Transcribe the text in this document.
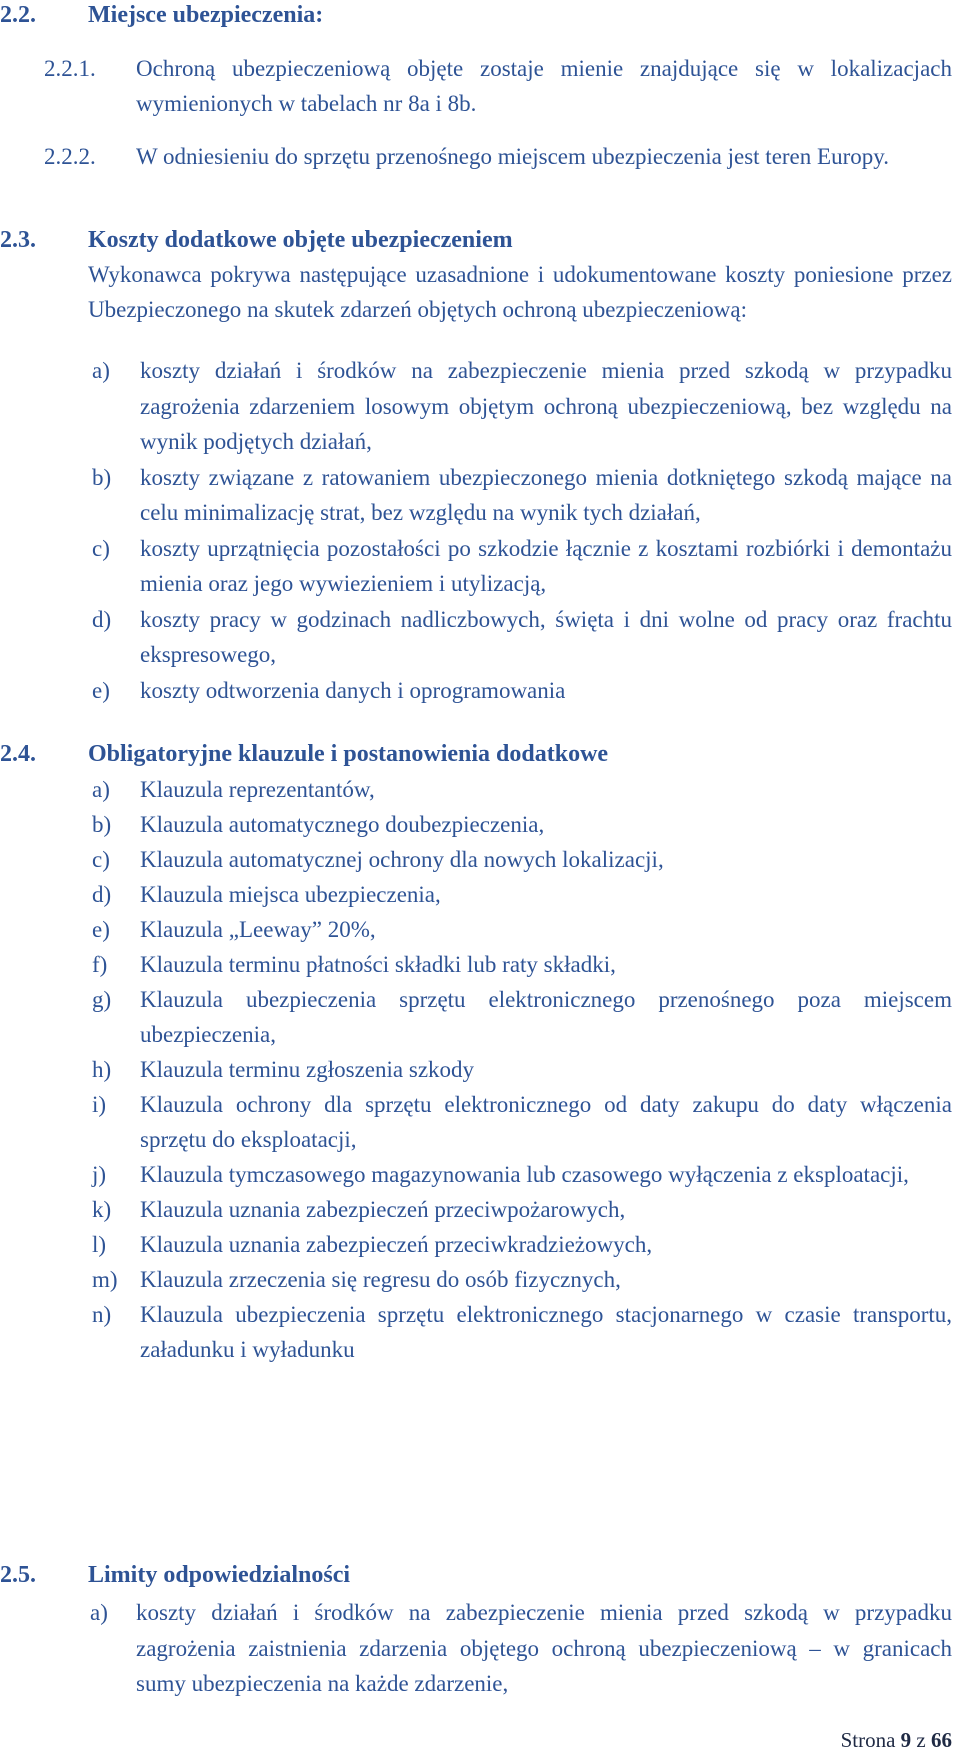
2.2. Miejsce ubezpieczenia:
2.2.1. Ochroną ubezpieczeniową objęte zostaje mienie znajdujące się w lokalizacjach wymienionych w tabelach nr 8a i 8b.
2.2.2. W odniesieniu do sprzętu przenośnego miejscem ubezpieczenia jest teren Europy.
2.3. Koszty dodatkowe objęte ubezpieczeniem
Wykonawca pokrywa następujące uzasadnione i udokumentowane koszty poniesione przez Ubezpieczonego na skutek zdarzeń objętych ochroną ubezpieczeniową:
a) koszty działań i środków na zabezpieczenie mienia przed szkodą w przypadku zagrożenia zdarzeniem losowym objętym ochroną ubezpieczeniową, bez względu na wynik podjętych działań,
b) koszty związane z ratowaniem ubezpieczonego mienia dotkniętego szkodą mające na celu minimalizację strat, bez względu na wynik tych działań,
c) koszty uprzątnięcia pozostałości po szkodzie łącznie z kosztami rozbiórki i demontażu mienia oraz jego wywiezieniem i utylizacją,
d) koszty pracy w godzinach nadliczbowych, święta i dni wolne od pracy oraz frachtu ekspresowego,
e) koszty odtworzenia danych i oprogramowania
2.4. Obligatoryjne klauzule i postanowienia dodatkowe
a) Klauzula reprezentantów,
b) Klauzula automatycznego doubezpieczenia,
c) Klauzula automatycznej ochrony dla nowych lokalizacji,
d) Klauzula miejsca ubezpieczenia,
e) Klauzula „Leeway” 20%,
f) Klauzula terminu płatności składki lub raty składki,
g) Klauzula ubezpieczenia sprzętu elektronicznego przenośnego poza miejscem ubezpieczenia,
h) Klauzula terminu zgłoszenia szkody
i) Klauzula ochrony dla sprzętu elektronicznego od daty zakupu do daty włączenia sprzętu do eksploatacji,
j) Klauzula tymczasowego magazynowania lub czasowego wyłączenia z eksploatacji,
k) Klauzula uznania zabezpieczeń przeciwpożarowych,
l) Klauzula uznania zabezpieczeń przeciwkradzieżowych,
m) Klauzula zrzeczenia się regresu do osób fizycznych,
n) Klauzula ubezpieczenia sprzętu elektronicznego stacjonarnego w czasie transportu, załadunku i wyładunku
2.5. Limity odpowiedzialności
a) koszty działań i środków na zabezpieczenie mienia przed szkodą w przypadku zagrożenia zaistnienia zdarzenia objętego ochroną ubezpieczeniową – w granicach sumy ubezpieczenia na każde zdarzenie,
Strona 9 z 66
